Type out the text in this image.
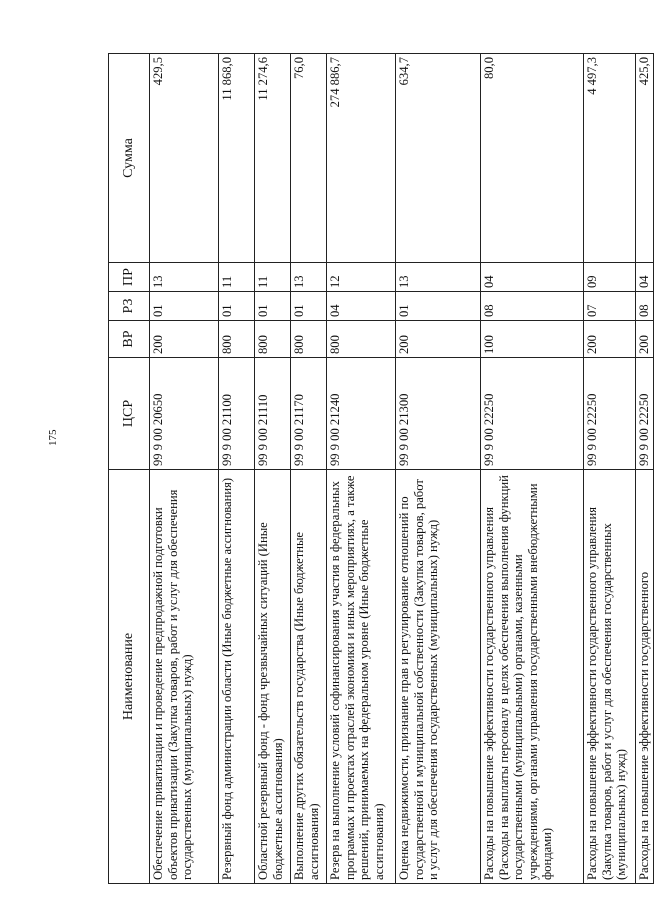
175
Наименование	ЦСР	ВР	РЗ	ПР	Сумма
Обеспечение приватизации и проведение предпродажной подготовки объектов приватизации (Закупка товаров, работ и услуг для обеспечения государственных (муниципальных) нужд)	99 9 00 20650	200	01	13	429,5
Резервный фонд администрации области (Иные бюджетные ассигнования)	99 9 00 21100	800	01	11	11 868,0
Областной резервный фонд - фонд чрезвычайных ситуаций (Иные бюджетные ассигнования)	99 9 00 21110	800	01	11	11 274,6
Выполнение других обязательств государства (Иные бюджетные ассигнования)	99 9 00 21170	800	01	13	76,0
Резерв на выполнение условий софинансирования участия в федеральных программах и проектах отраслей экономики и иных мероприятиях, а также решений, принимаемых на федеральном уровне (Иные бюджетные ассигнования)	99 9 00 21240	800	04	12	274 886,7
Оценка недвижимости, признание прав и регулирование отношений по государственной и муниципальной собственности (Закупка товаров, работ и услуг для обеспечения государственных (муниципальных) нужд)	99 9 00 21300	200	01	13	634,7
Расходы на повышение эффективности государственного управления (Расходы на выплаты персоналу в целях обеспечения выполнения функций государственными (муниципальными) органами, казенными учреждениями, органами управления государственными внебюджетными фондами)	99 9 00 22250	100	08	04	80,0
Расходы на повышение эффективности государственного управления (Закупка товаров, работ и услуг для обеспечения государственных (муниципальных) нужд)	99 9 00 22250	200	07	09	4 497,3
Расходы на повышение эффективности государственного	99 9 00 22250	200	08	04	425,0
